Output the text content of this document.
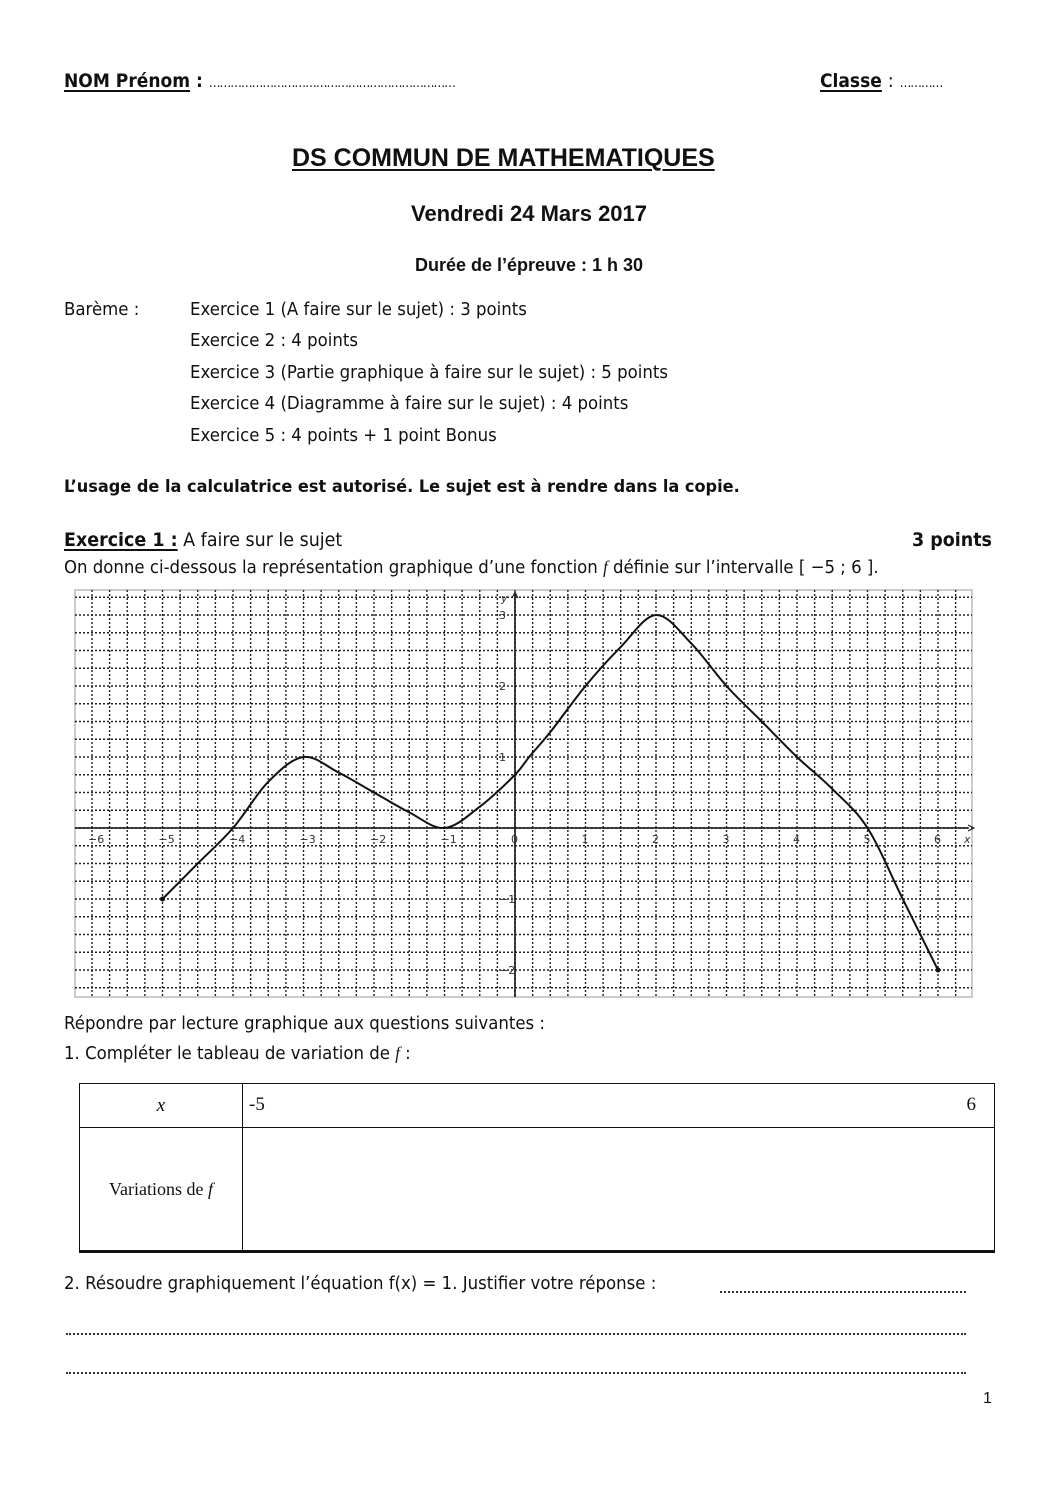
NOM Prénom : ……………………………………………………………	Classe : …………
DS COMMUN DE MATHEMATIQUES
Vendredi 24 Mars 2017
Durée de l’épreuve : 1 h 30
Barème :	Exercice 1 (A faire sur le sujet) : 3 points
Exercice 2 : 4 points
Exercice 3 (Partie graphique à faire sur le sujet) : 5 points
Exercice 4 (Diagramme à faire sur le sujet) : 4 points
Exercice 5 : 4 points + 1 point Bonus
L’usage de la calculatrice est autorisé. Le sujet est à rendre dans la copie.
Exercice 1 : A faire sur le sujet	3 points
On donne ci-dessous la représentation graphique d’une fonction f définie sur l’intervalle [ −5 ; 6 ].
−6	−5	−4	−3	−2	−1	0	1	2	3	4	5	6
−2
−1
1
2
3
x
y
Répondre par lecture graphique aux questions suivantes :
1. Compléter le tableau de variation de f :
x	-5 6

Variations de f	
2. Résoudre graphiquement l’équation f(x) = 1. Justifier votre réponse :
1
